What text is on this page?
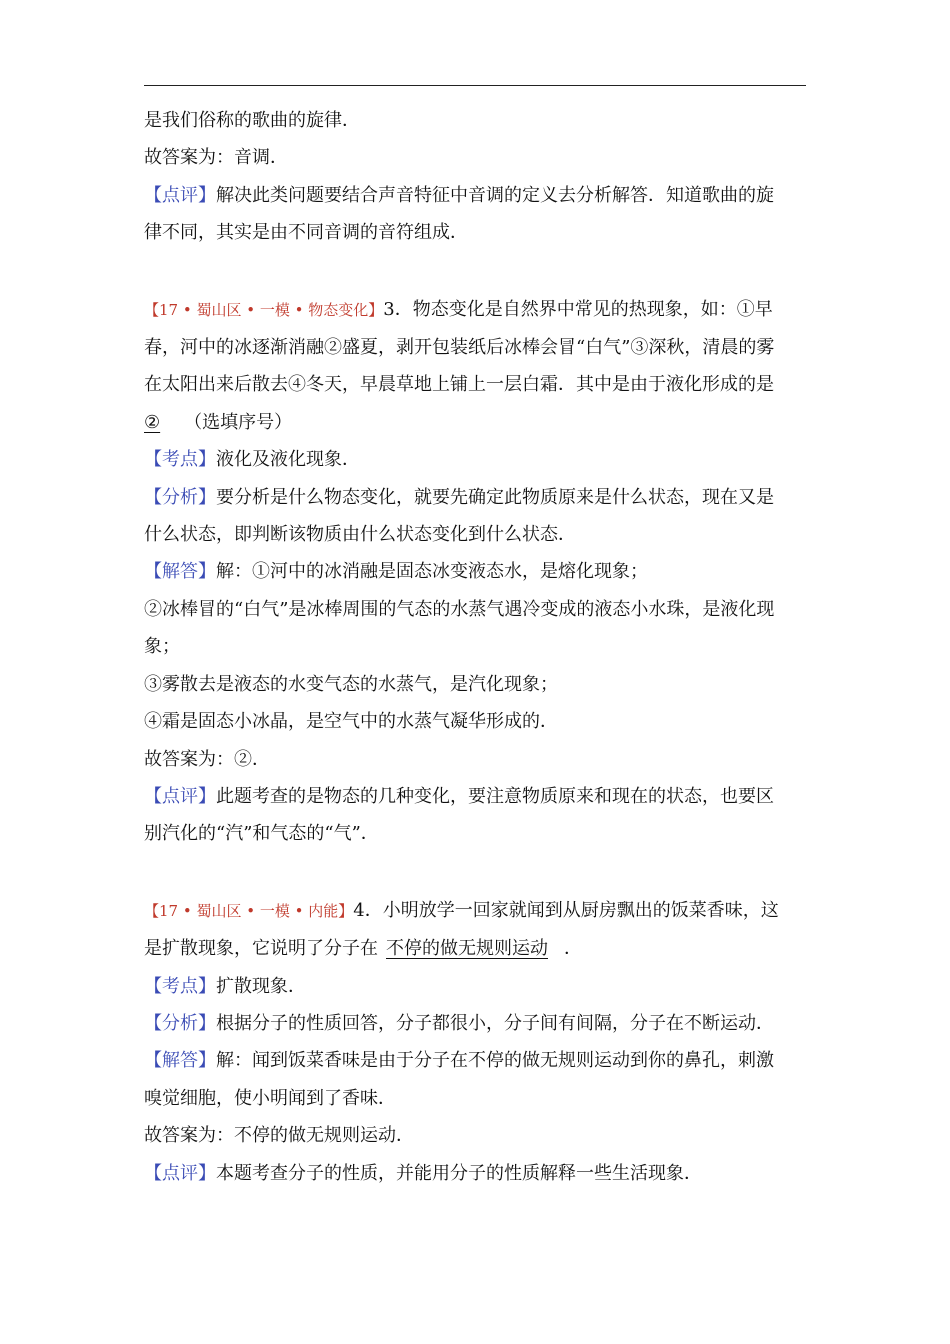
是我们俗称的歌曲的旋律．
故答案为：音调．
【点评】解决此类问题要结合声音特征中音调的定义去分析解答．知道歌曲的旋
律不同，其实是由不同音调的音符组成．
【17 • 蜀山区 • 一模 • 物态变化】3．物态变化是自然界中常见的热现象，如：①早
春，河中的冰逐渐消融②盛夏，剥开包装纸后冰棒会冒“白气”③深秋，清晨的雾
在太阳出来后散去④冬天，早晨草地上铺上一层白霜．其中是由于液化形成的是
② （选填序号）
【考点】液化及液化现象．
【分析】要分析是什么物态变化，就要先确定此物质原来是什么状态，现在又是
什么状态，即判断该物质由什么状态变化到什么状态．
【解答】解：①河中的冰消融是固态冰变液态水，是熔化现象；
②冰棒冒的“白气”是冰棒周围的气态的水蒸气遇冷变成的液态小水珠，是液化现
象；
③雾散去是液态的水变气态的水蒸气，是汽化现象；
④霜是固态小冰晶，是空气中的水蒸气凝华形成的．
故答案为：②．
【点评】此题考查的是物态的几种变化，要注意物质原来和现在的状态，也要区
别汽化的“汽”和气态的“气”．
【17 • 蜀山区 • 一模 • 内能】4．小明放学一回家就闻到从厨房飘出的饭菜香味，这
是扩散现象，它说明了分子在 不停的做无规则运动 ．
【考点】扩散现象．
【分析】根据分子的性质回答，分子都很小，分子间有间隔，分子在不断运动．
【解答】解：闻到饭菜香味是由于分子在不停的做无规则运动到你的鼻孔，刺激
嗅觉细胞，使小明闻到了香味．
故答案为：不停的做无规则运动．
【点评】本题考查分子的性质，并能用分子的性质解释一些生活现象．
